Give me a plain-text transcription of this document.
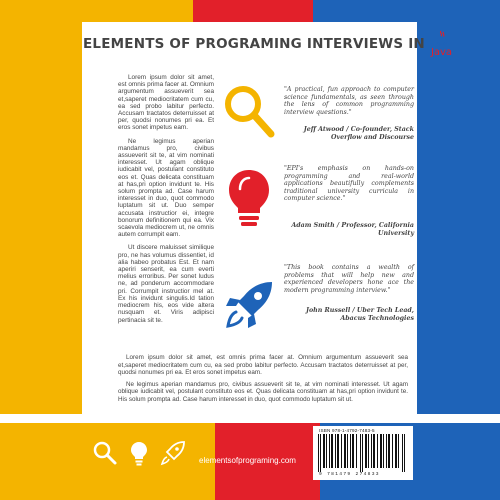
ELEMENTS OF PROGRAMING INTERVIEWS IN
Java

Lorem ipsum dolor sit amet, est omnis prima facer at. Omnium argumentum assueverit sea et,saperet mediocritatem cum cu, ea sed probo labitur perfecto. Accusam tractatos deterruisset at per, quodsi nonumes pri ea. Et eros sonet impetus eam.

Ne legimus aperian mandamus pro, civibus assueverit sit te, at vim nominati interesset. Ut agam oblique iudicabit vel, postulant constituto eos et. Quas delicata constituam at has,pri option invidunt te. His solum prompta ad. Case harum interesset in duo, quot commodo luptatum sit ut. Duo semper accusata instructior ei, integre bonorum definitionem qui ea. Vix scaevola mediocrem ut, ne omnis autem corrumpit eam.

Ut discere maluisset similique pro, ne has volumus dissentiet, id alia habeo probatus Est. Et nam aperiri senserit, ea cum everti melius erroribus. Per sonet ludus ne, ad ponderum accommodare pri. Corrumpit instructior mel at. Ex his invidunt singulis.Id tation mediocrem his, eos vide altera nusquam et. Viris adipisci pertinacia sit te.

"A practical, fun approach to computer science fundamentals, as seen through the lens of common programming interview questions."
Jeff Atwood / Co-founder, Stack Overflow and Discourse
"EPI's emphasis on hands-on programming and real-world applications beautifully complements traditional university curricula in computer science."
Adam Smith / Professor, California University
"This book contains a wealth of problems that will help new and experienced developers hone ace the modern programming interview."
John Russell / Uber Tech Lead, Abacus Technologies

Lorem ipsum dolor sit amet, est omnis prima facer at. Omnium argumentum assueverit sea et,saperet mediocritatem cum cu, ea sed probo labitur perfecto. Accusam tractatos deterruisset at per, quodsi nonumes pri ea. Et eros sonet impetus eam.

Ne legimus aperian mandamus pro, civibus assueverit sit te, at vim nominati interesset. Ut agam oblique iudicabit vel, postulant constituto eos et. Quas delicata constituam at has,pri option invidunt te. His solum prompta ad. Case harum interesset in duo, quot commodo luptatum sit ut.

elementsofprograming.com
ISBN 978-1-4792-7483-5
9 781479 274833
